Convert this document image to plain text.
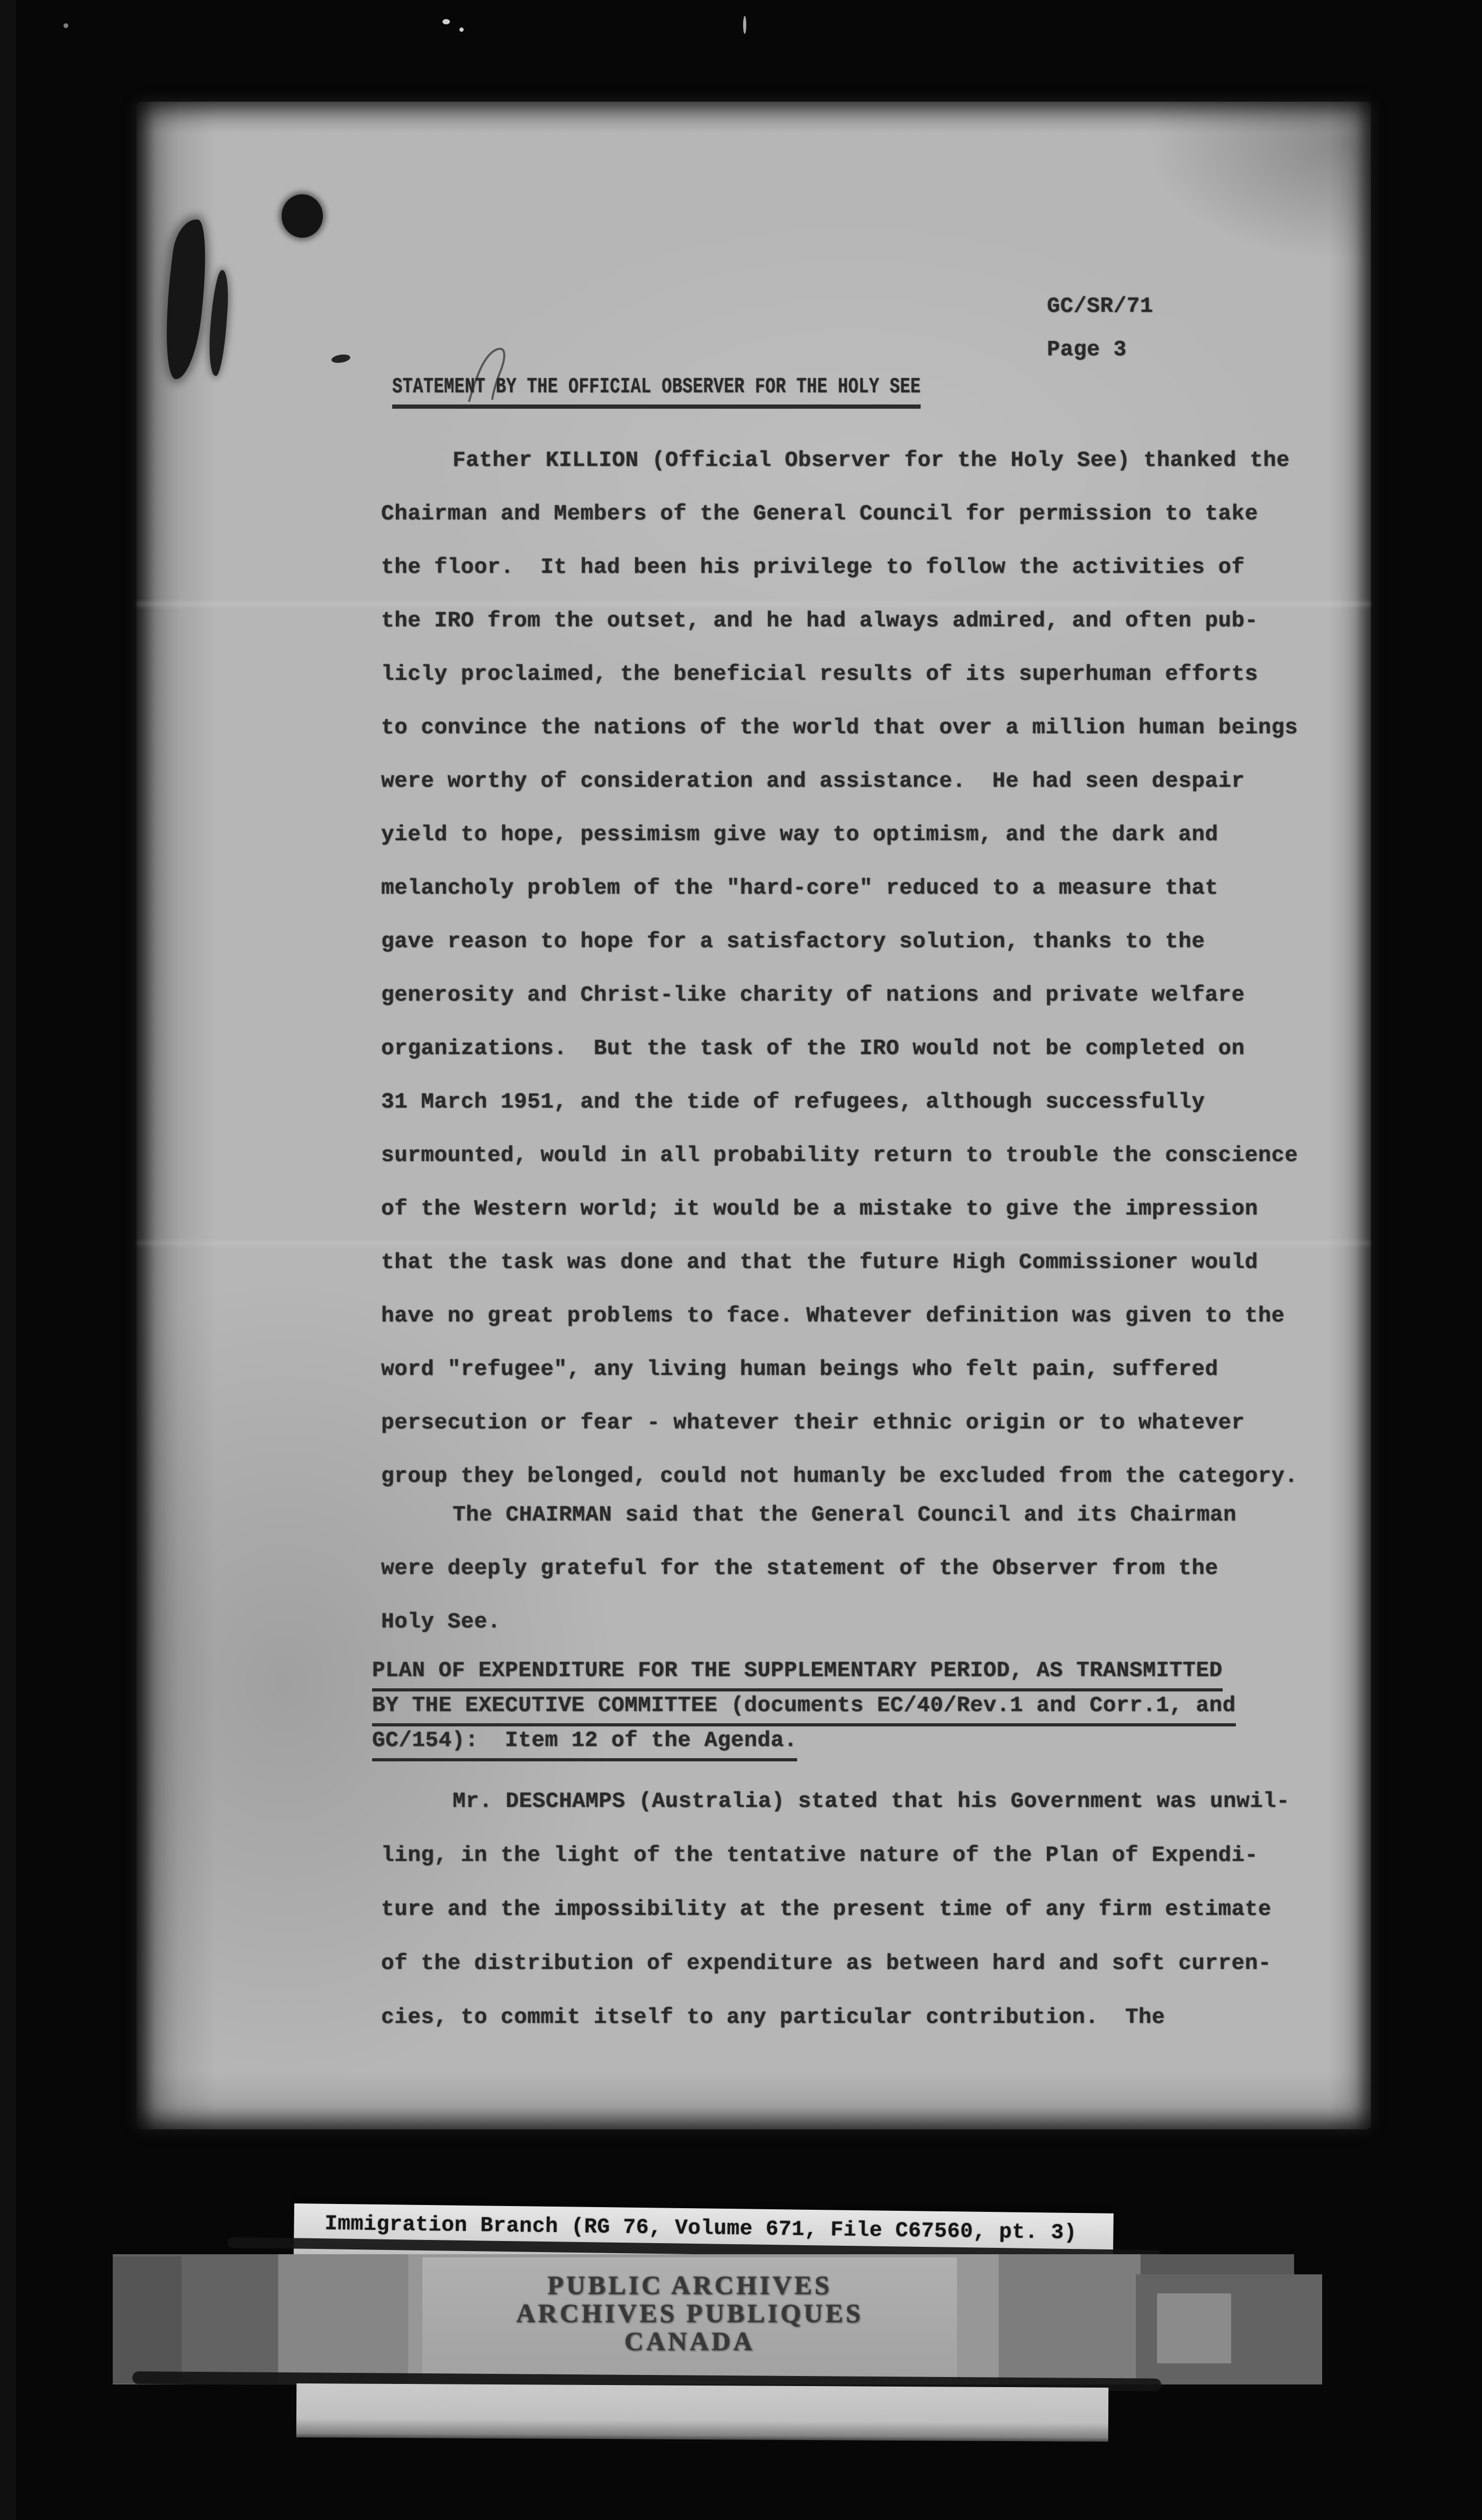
GC/SR/71
Page 3
STATEMENT BY THE OFFICIAL OBSERVER FOR THE HOLY SEE
Father KILLION (Official Observer for the Holy See) thanked the
Chairman and Members of the General Council for permission to take
the floor.  It had been his privilege to follow the activities of
the IRO from the outset, and he had always admired, and often pub-
licly proclaimed, the beneficial results of its superhuman efforts
to convince the nations of the world that over a million human beings
were worthy of consideration and assistance.  He had seen despair
yield to hope, pessimism give way to optimism, and the dark and
melancholy problem of the "hard-core" reduced to a measure that
gave reason to hope for a satisfactory solution, thanks to the
generosity and Christ-like charity of nations and private welfare
organizations.  But the task of the IRO would not be completed on
31 March 1951, and the tide of refugees, although successfully
surmounted, would in all probability return to trouble the conscience
of the Western world; it would be a mistake to give the impression
that the task was done and that the future High Commissioner would
have no great problems to face. Whatever definition was given to the
word "refugee", any living human beings who felt pain, suffered
persecution or fear - whatever their ethnic origin or to whatever
group they belonged, could not humanly be excluded from the category.
The CHAIRMAN said that the General Council and its Chairman
were deeply grateful for the statement of the Observer from the
Holy See.
PLAN OF EXPENDITURE FOR THE SUPPLEMENTARY PERIOD, AS TRANSMITTED
BY THE EXECUTIVE COMMITTEE (documents EC/40/Rev.1 and Corr.1, and
GC/154):  Item 12 of the Agenda.
Mr. DESCHAMPS (Australia) stated that his Government was unwil-
ling, in the light of the tentative nature of the Plan of Expendi-
ture and the impossibility at the present time of any firm estimate
of the distribution of expenditure as between hard and soft curren-
cies, to commit itself to any particular contribution.  The
Immigration Branch (RG 76, Volume 671, File C67560, pt. 3)
PUBLIC ARCHIVES
ARCHIVES PUBLIQUES
CANADA
